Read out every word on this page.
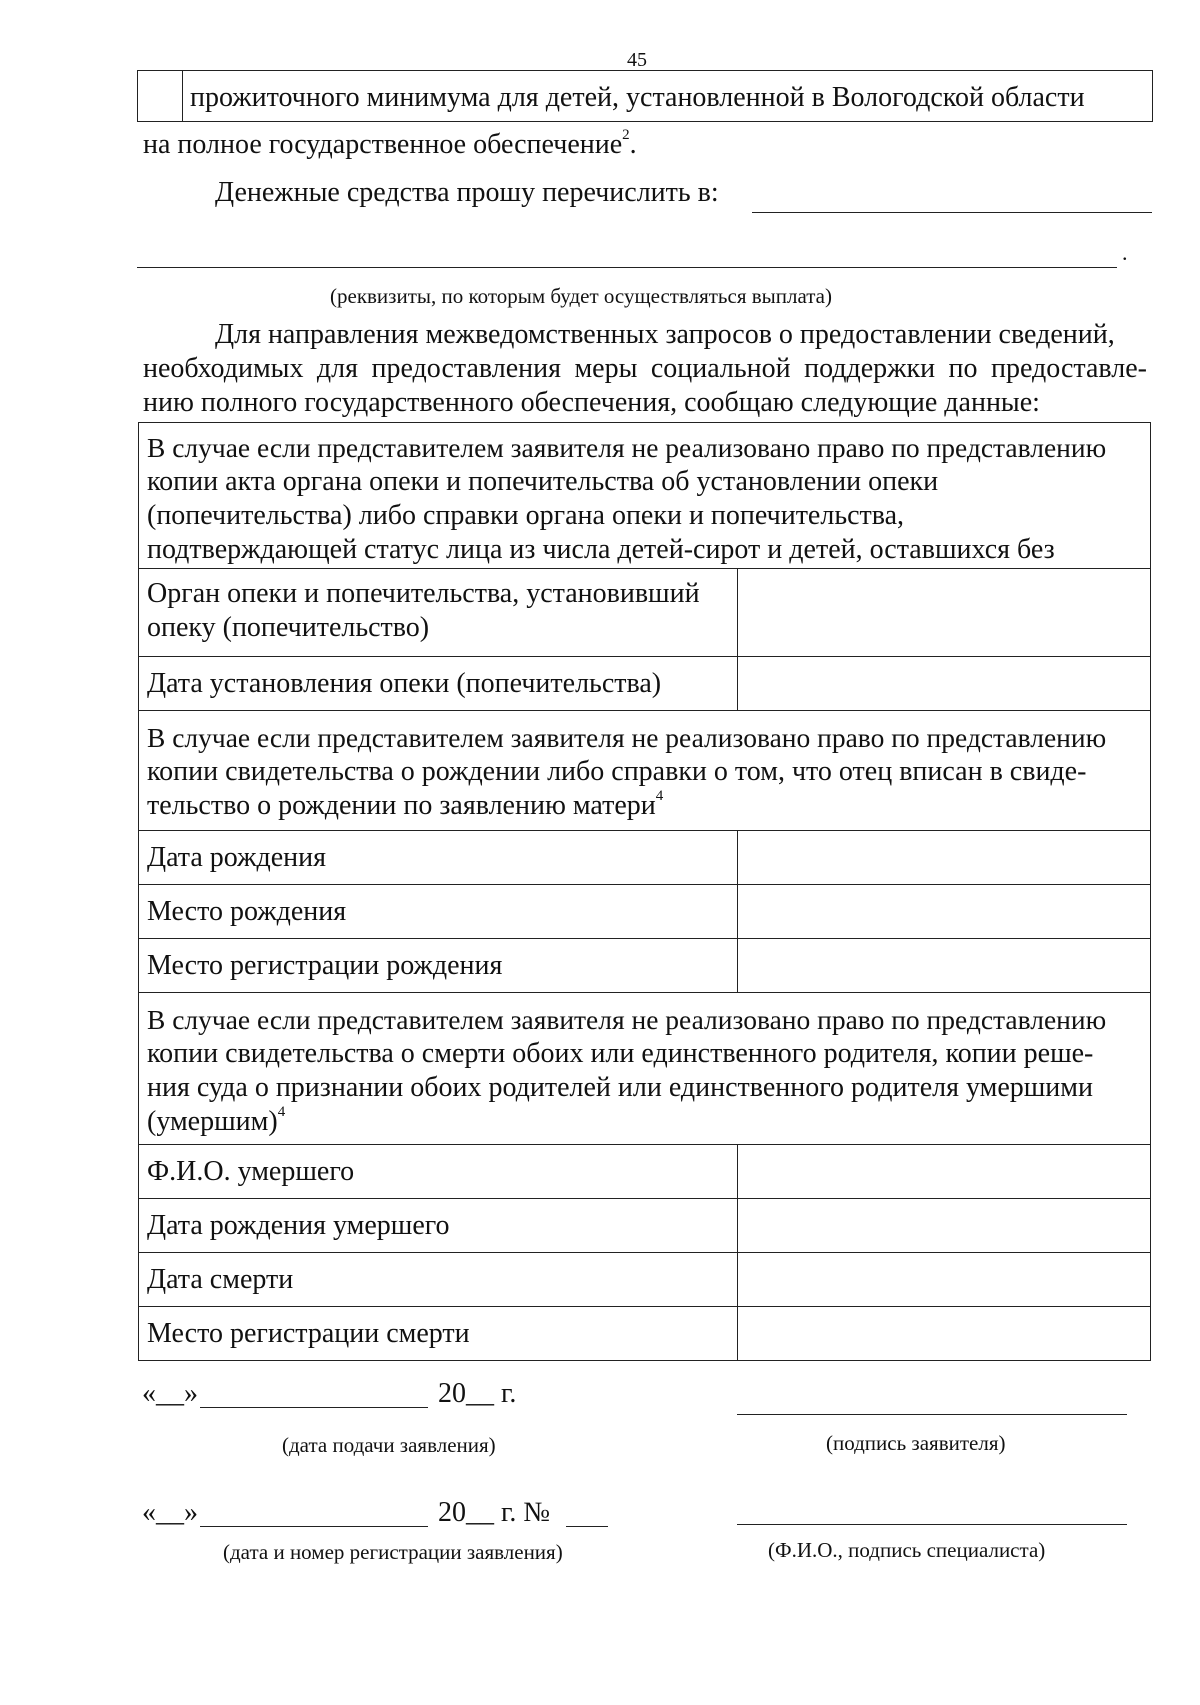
45
прожиточного минимума для детей, установленной в Вологодской области
на полное государственное обеспечение$^2$.
Денежные средства прошу перечислить в:
.
(реквизиты, по которым будет осуществляться выплата)
Для направления межведомственных запросов о предоставлении сведений,
необходимых для предоставления меры социальной поддержки по предоставле-
нию полного государственного обеспечения, сообщаю следующие данные:
В случае если представителем заявителя не реализовано право по представлению
копии акта органа опеки и попечительства об установлении опеки
(попечительства) либо справки органа опеки и попечительства,
подтверждающей статус лица из числа детей-сирот и детей, оставшихся без	

Орган опеки и попечительства, установивший
опеку (попечительство)	

Дата установления опеки (попечительства)	

В случае если представителем заявителя не реализовано право по представлению
копии свидетельства о рождении либо справки о том, что отец вписан в свиде-
тельство о рождении по заявлению матери$^4$

Дата рождения	

Место рождения	

Место регистрации рождения	

В случае если представителем заявителя не реализовано право по представлению
копии свидетельства о смерти обоих или единственного родителя, копии реше-
ния суда о признании обоих родителей или единственного родителя умершими
(умершим)$^4$

Ф.И.О. умершего	

Дата рождения умершего	

Дата смерти	

Место регистрации смерти	

«__»	20__ г.
(дата подачи заявления)	(подпись заявителя)
«__»	20__ г. №
(дата и номер регистрации заявления)	(Ф.И.О., подпись специалиста)
